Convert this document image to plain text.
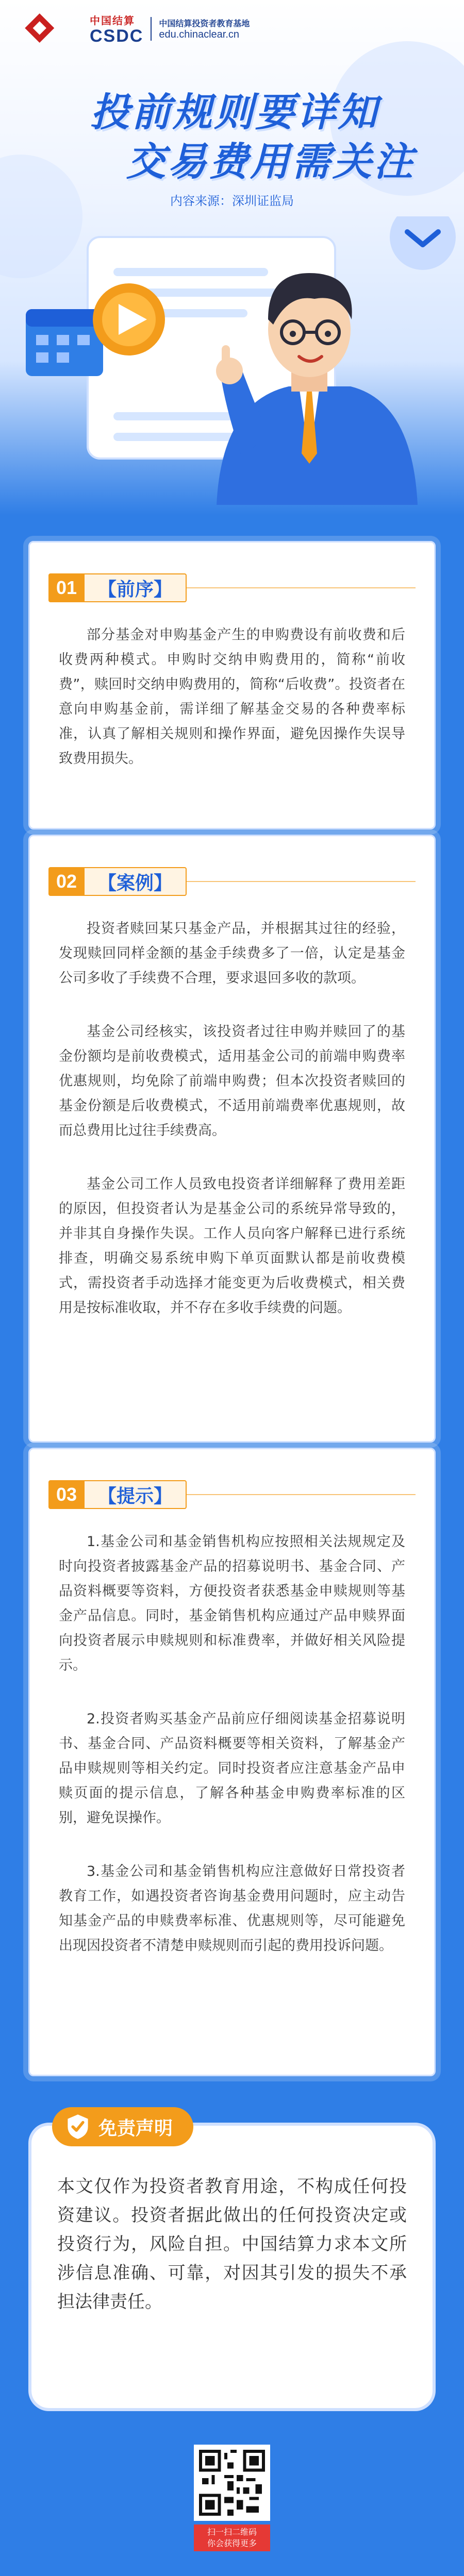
中国结算
CSDC
中国结算投资者教育基地
edu.chinaclear.cn
投前规则要详知
交易费用需关注
内容来源：深圳证监局
01	【前序】

部分基金对申购基金产生的申购费设有前收费和后收费两种模式。申购时交纳申购费用的，简称“前收费”，赎回时交纳申购费用的，简称“后收费”。投资者在意向申购基金前，需详细了解基金交易的各种费率标准，认真了解相关规则和操作界面，避免因操作失误导致费用损失。

02	【案例】

投资者赎回某只基金产品，并根据其过往的经验，发现赎回同样金额的基金手续费多了一倍，认定是基金公司多收了手续费不合理，要求退回多收的款项。

基金公司经核实，该投资者过往申购并赎回了的基金份额均是前收费模式，适用基金公司的前端申购费率优惠规则，均免除了前端申购费；但本次投资者赎回的基金份额是后收费模式，不适用前端费率优惠规则，故而总费用比过往手续费高。

基金公司工作人员致电投资者详细解释了费用差距的原因，但投资者认为是基金公司的系统异常导致的，并非其自身操作失误。工作人员向客户解释已进行系统排查，明确交易系统申购下单页面默认都是前收费模式，需投资者手动选择才能变更为后收费模式，相关费用是按标准收取，并不存在多收手续费的问题。

03	【提示】

1.基金公司和基金销售机构应按照相关法规规定及时向投资者披露基金产品的招募说明书、基金合同、产品资料概要等资料，方便投资者获悉基金申赎规则等基金产品信息。同时，基金销售机构应通过产品申赎界面向投资者展示申赎规则和标准费率，并做好相关风险提示。

2.投资者购买基金产品前应仔细阅读基金招募说明书、基金合同、产品资料概要等相关资料，了解基金产品申赎规则等相关约定。同时投资者应注意基金产品申赎页面的提示信息，了解各种基金申购费率标准的区别，避免误操作。

3.基金公司和基金销售机构应注意做好日常投资者教育工作，如遇投资者咨询基金费用问题时，应主动告知基金产品的申赎费率标准、优惠规则等，尽可能避免出现因投资者不清楚申赎规则而引起的费用投诉问题。

免责声明

本文仅作为投资者教育用途，不构成任何投资建议。投资者据此做出的任何投资决定或投资行为，风险自担。中国结算力求本文所涉信息准确、可靠，对因其引发的损失不承担法律责任。

扫一扫二维码
你会获得更多
